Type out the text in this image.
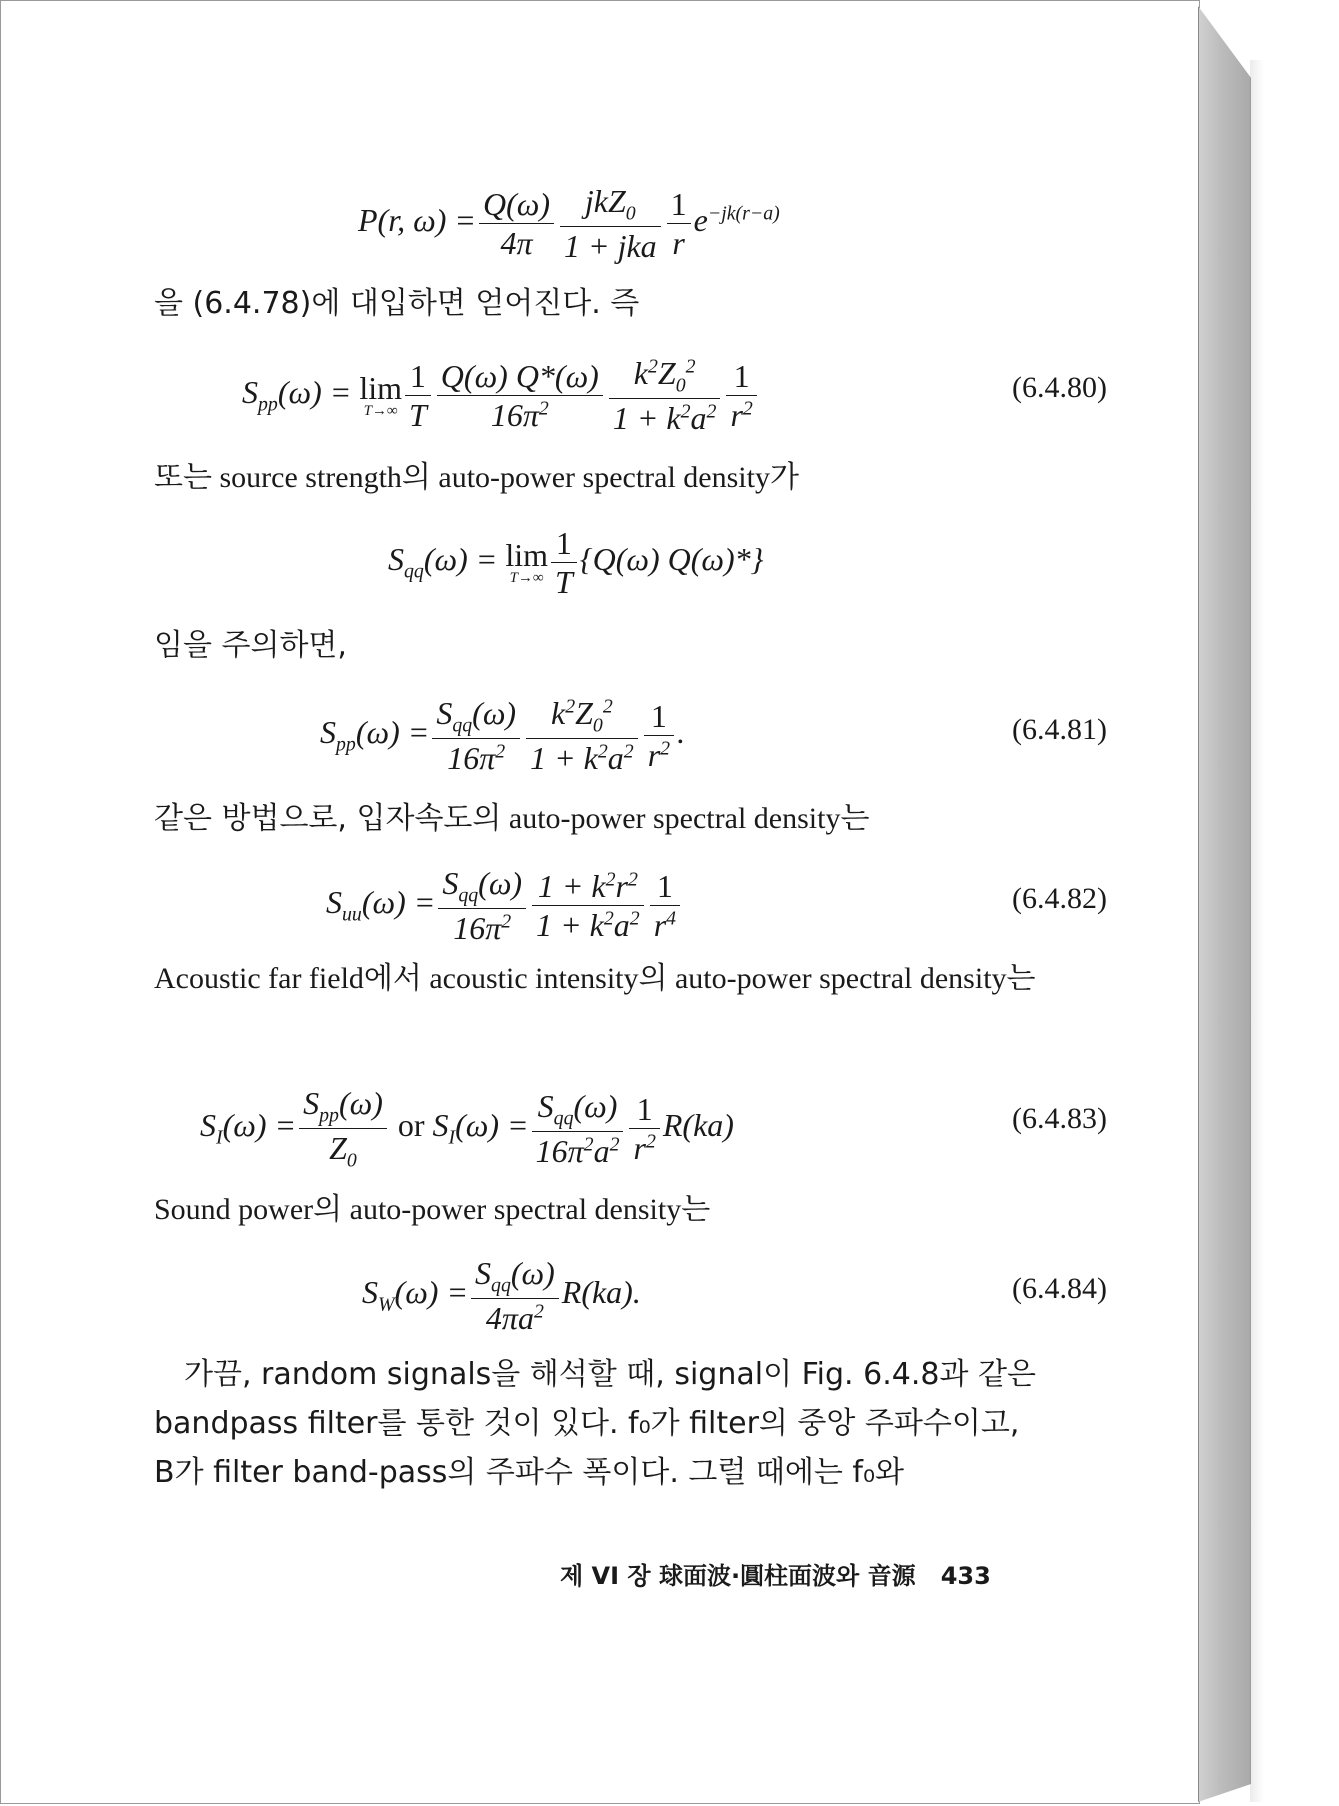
P(r, $\omega) = \frac{Q(\omega)}{4\pi} \frac{jkZ_0}{\text{1 + jka}} \frac{1}{r} e^{-jk(r-a)}$
을 (6.4.78)에 대입하면 얻어진다. 즉
$S_{pp}(\omega) = \lim$
$T\to\infty \frac{1}{T} \frac{Q(\omega) Q*(\omega)}{16\pi^2} \frac{k^2Z_0^2}{1 + k^2a^2} \frac{1}{r^2}$	(6.4.80)
또는 source strength의 auto-power spectral density가
$S_{qq}(\omega) = \lim$
$T\to\infty \frac{1}{T} \{Q(\omega)$ Q(ω)*}
임을 주의하면,
$S_{pp}(\omega) = \frac{S_{qq}(\omega)}{16\pi^2} \frac{k^2Z_0^2}{1 + k^2a^2} \frac{1}{r^2}$ .	(6.4.81)
같은 방법으로, 입자속도의 auto-power spectral density는
$S_{uu}(\omega) = \frac{S_{qq}(\omega)}{16\pi^2} \frac{1 + k^2r^2}{1 + k^2a^2} \frac{1}{r^4}$	(6.4.82)
Acoustic far field에서 acoustic intensity의 auto-power spectral density는
$S_I(\omega) = \frac{S_{pp}(\omega)}{Z_0}$ or $S_I(\omega) = \frac{S_{qq}(\omega)}{16\pi^2a^2} \frac{1}{r^2} R(ka)$	(6.4.83)
Sound power의 auto-power spectral density는
$S_W(\omega) = \frac{S_{qq}(\omega)}{4\pi a^2} R(ka)$.	(6.4.84)
가끔, random signals을 해석할 때, signal이 Fig. 6.4.8과 같은 bandpass filter를 통한 것이 있다. f₀가 filter의 중앙 주파수이고, B가 filter band-pass의 주파수 폭이다. 그럴 때에는 f₀와
제 VI 장 球面波·圓柱面波와 音源 433
